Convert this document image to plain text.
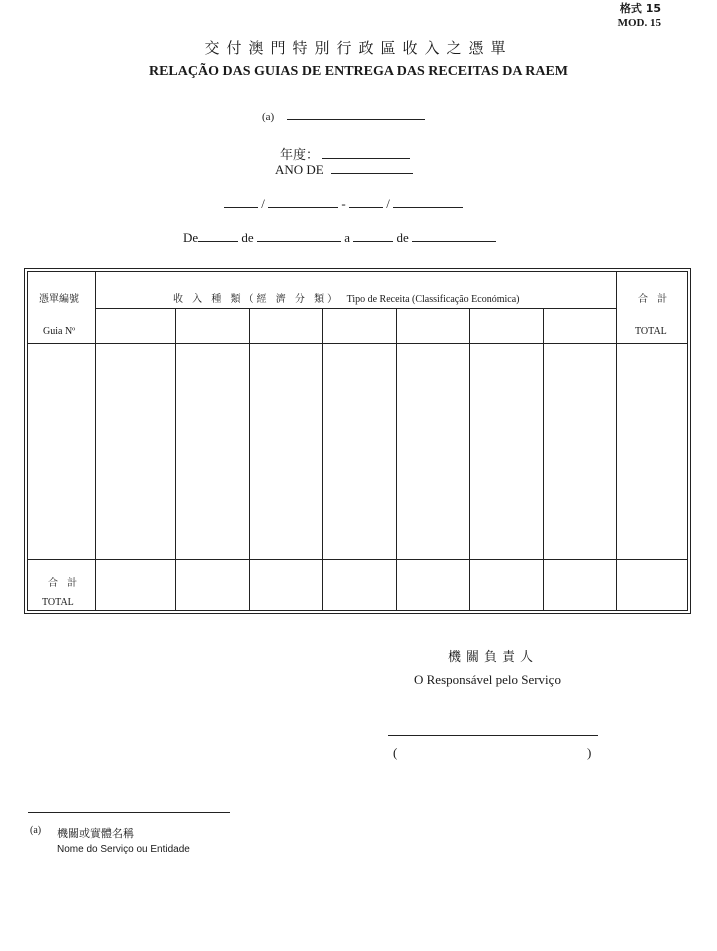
格式 15
MOD. 15
交付澳門特別行政區收入之憑單
RELAÇÃO DAS GUIAS DE ENTREGA DAS RECEITAS DA RAEM
(a)
年度：
ANO DE
/	-	/
De	de	a	de
憑單編號
Guia Nº
收 入 種 類（經 濟 分 類） Tipo de Receita (Classificação Económica)	合 計
TOTAL
合 計
TOTAL
機關負責人
O Responsável pelo Serviço
(	)
(a) 機關或實體名稱
Nome do Serviço ou Entidade
